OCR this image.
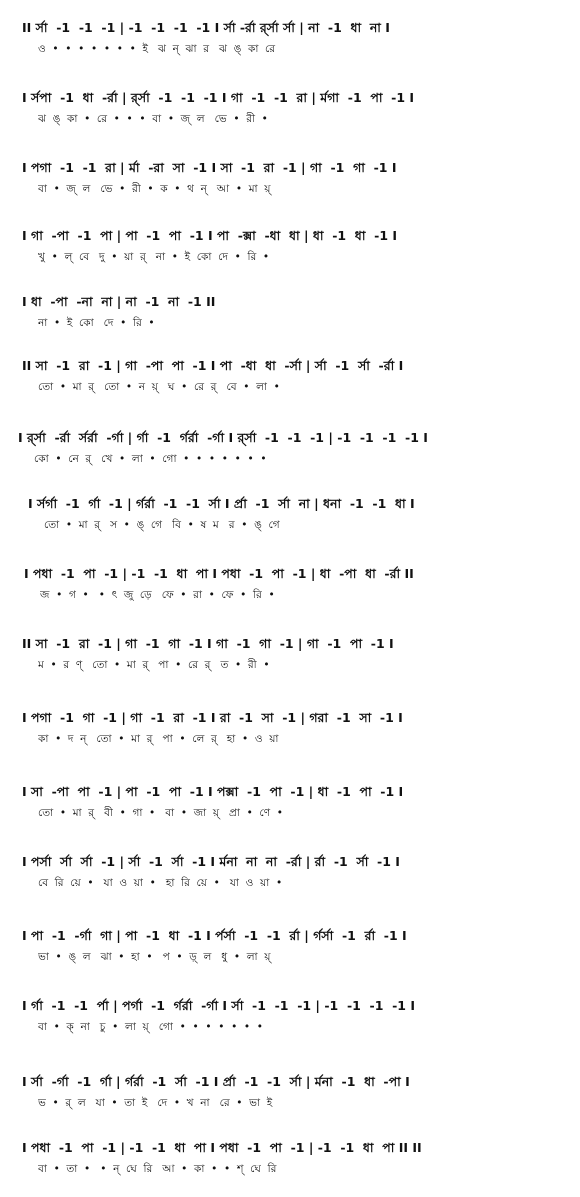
II র্সা  -1  -1  -1 | -1  -1  -1  -1 I র্সা -র্রা র্র্সা র্সা | না  -1  ধা  না I
ও  •  •  •  •  •  •  •  ই   ঝ  ন্  ঝা  র   ঝ  ঙ্  কা  রে
I র্সপা  -1  ধা  -র্রা | র্র্সা  -1  -1  -1 I গা  -1  -1  রা | র্মগা  -1  পা  -1 I
ঝ  ঙ্  কা  •  রে  •  •  •  বা  •  জ্  ল   ভে  •  রী  •
I পগা  -1  -1  রা | র্মা  -রা  সা  -1 I সা  -1  রা  -1 | গা  -1  গা  -1 I
বা  •  জ্  ল   ভে  •  রী  •  ক  •  থ  ন্   আ  •  মা  য়্
I গা  -পা  -1  পা | পা  -1  পা  -1 I পা  -ক্সা  -ধা  ধা | ধা  -1  ধা  -1 I
খু  •  ল্  বে   দু  •  য়া  র্   না  •  ই  কো  দে  •  রি  •
I ধা  -পা  -না  না | না  -1  না  -1 II
না  •  ই  কো   দে  •  রি  •
II সা  -1  রা  -1 | গা  -পা  পা  -1 I পা  -ধা  ধা  -র্সা | র্সা  -1  র্সা  -র্রা I
তো  •  মা  র্   তো  •  ন  য়্   ঘ  •  রে  র্   বে  •  লা  •
I র্র্সা  -র্রা  র্সর্রা  -র্গা | র্গা  -1  র্গর্রা  -র্গা I র্র্সা  -1  -1  -1 | -1  -1  -1  -1 I
কো  •  নে  র্   খে  •  লা  •  গো  •  •  •  •  •  •  •
I র্সর্গা  -1  র্গা  -1 | র্গর্রা  -1  -1  র্সা I র্প্রা  -1  র্সা  না | ধনা  -1  -1  ধা I
তো  •  মা  র্   স  •  ঙ্  গে   বি  •  ষ  ম   র  •  ঙ্  গে
I পধা  -1  পা  -1 | -1  -1  ধা  পা I পধা  -1  পা  -1 | ধা  -পা  ধা  -র্রা II
জ  •  গ  •   •  ৎ  জু  ড়ে   ফে  •  রা  •  ফে  •  রি  •
II সা  -1  রা  -1 | গা  -1  গা  -1 I গা  -1  গা  -1 | গা  -1  পা  -1 I
ম  •  র  ণ্   তো  •  মা  র্   পা  •  রে  র্   ত  •  রী  •
I পগা  -1  গা  -1 | গা  -1  রা  -1 I রা  -1  সা  -1 | গরা  -1  সা  -1 I
কা  •  দ  ন্   তো  •  মা  র্   পা  •  লে  র্   হা  •  ও  য়া
I সা  -পা  পা  -1 | পা  -1  পা  -1 I পক্সা  -1  পা  -1 | ধা  -1  পা  -1 I
তো  •  মা  র্   বী  •  গা  •   বা  •  জা  য়্   প্রা  •  ণে  •
I পর্সা  র্সা  র্সা  -1 | র্সা  -1  র্সা  -1 I র্মনা  না  না  -র্রা | র্রা  -1  র্সা  -1 I
বে  রি  য়ে  •   যা  ও  য়া  •   হা  রি  য়ে  •   যা  ও  য়া  •
I পা  -1  -র্গা  গা | পা  -1  ধা  -1 I র্পর্সা  -1  -1  র্রা | র্গর্সা  -1  র্রা  -1 I
ভা  •  ঙ্  ল   ঝা  •  হা  •   প  •  ড়্  ল   ধু  •  লা  য়্
I র্গা  -1  -1  র্পা | পর্গা  -1  র্গর্রা  -র্গা I র্সা  -1  -1  -1 | -1  -1  -1  -1 I
বা  •  ক্  না   চু  •  লা  য়্   গো  •  •  •  •  •  •  •
I র্সা  -র্গা  -1  র্গা | র্গর্রা  -1  র্সা  -1 I র্প্রা  -1  -1  র্সা | র্মনা  -1  ধা  -পা I
ভ  •  র্  ল   যা  •  তা  ই   দে  •  খ  না   রে  •  ভা  ই
I পধা  -1  পা  -1 | -1  -1  ধা  পা I পধা  -1  পা  -1 | -1  -1  ধা  পা II II
বা  •  তা  •   •  ন্  ঘে  রি   আ  •  কা  •  •  শ্  ঘে  রি
